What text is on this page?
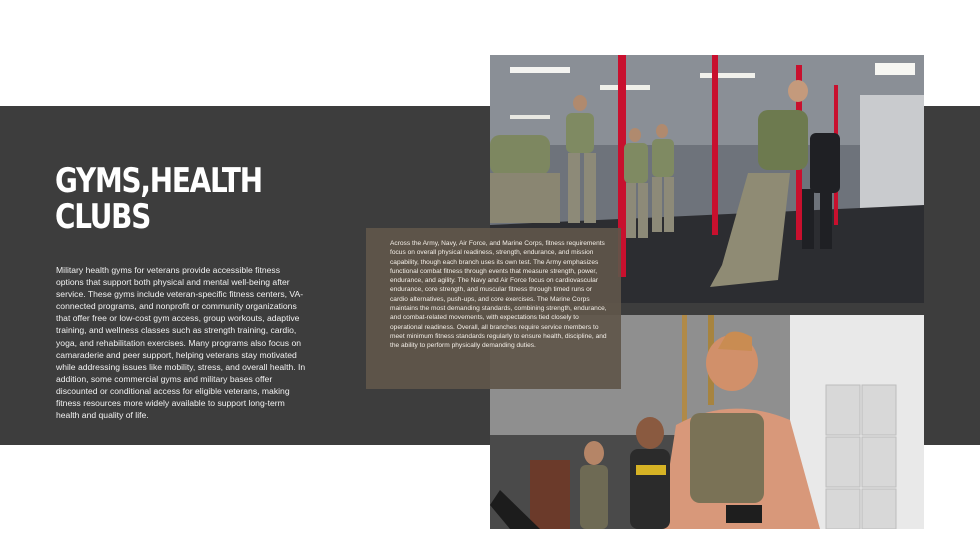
GYMS,HEALTH
CLUBS

Military health gyms for veterans provide accessible fitness options that support both physical and mental well-being after service. These gyms include veteran-specific fitness centers, VA-connected programs, and nonprofit or community organizations that offer free or low-cost gym access, group workouts, adaptive training, and wellness classes such as strength training, cardio, yoga, and rehabilitation exercises. Many programs also focus on camaraderie and peer support, helping veterans stay motivated while addressing issues like mobility, stress, and overall health. In addition, some commercial gyms and military bases offer discounted or conditional access for eligible veterans, making fitness resources more widely available to support long-term health and quality of life.

Across the Army, Navy, Air Force, and Marine Corps, fitness requirements focus on overall physical readiness, strength, endurance, and mission capability, though each branch uses its own test. The Army emphasizes functional combat fitness through events that measure strength, power, endurance, and agility. The Navy and Air Force focus on cardiovascular endurance, core strength, and muscular fitness through timed runs or cardio alternatives, push-ups, and core exercises. The Marine Corps maintains the most demanding standards, combining strength, endurance, and combat-related movements, with expectations tied closely to operational readiness. Overall, all branches require service members to meet minimum fitness standards regularly to ensure health, discipline, and the ability to perform physically demanding duties.
